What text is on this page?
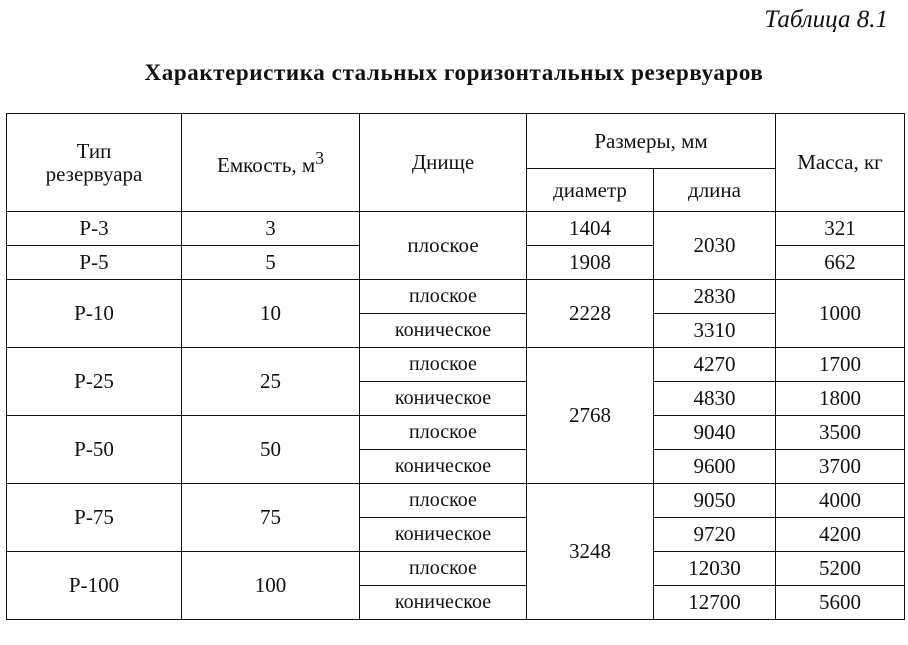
Таблица 8.1
Характеристика стальных горизонтальных резервуаров
Тип
резервуара	Емкость, $м^3$	Днище	Размеры, мм		Масса, кг
			диаметр	длина	
Р-3	3	плоское	1404	2030	321
Р-5	5		1908		662
Р-10	10	плоское	2228	2830	1000
		коническое		3310	
Р-25	25	плоское	2768	4270	1700
		коническое		4830	1800
Р-50	50	плоское		9040	3500
		коническое		9600	3700
Р-75	75	плоское	3248	9050	4000
		коническое		9720	4200
Р-100	100	плоское		12030	5200
		коническое		12700	5600
